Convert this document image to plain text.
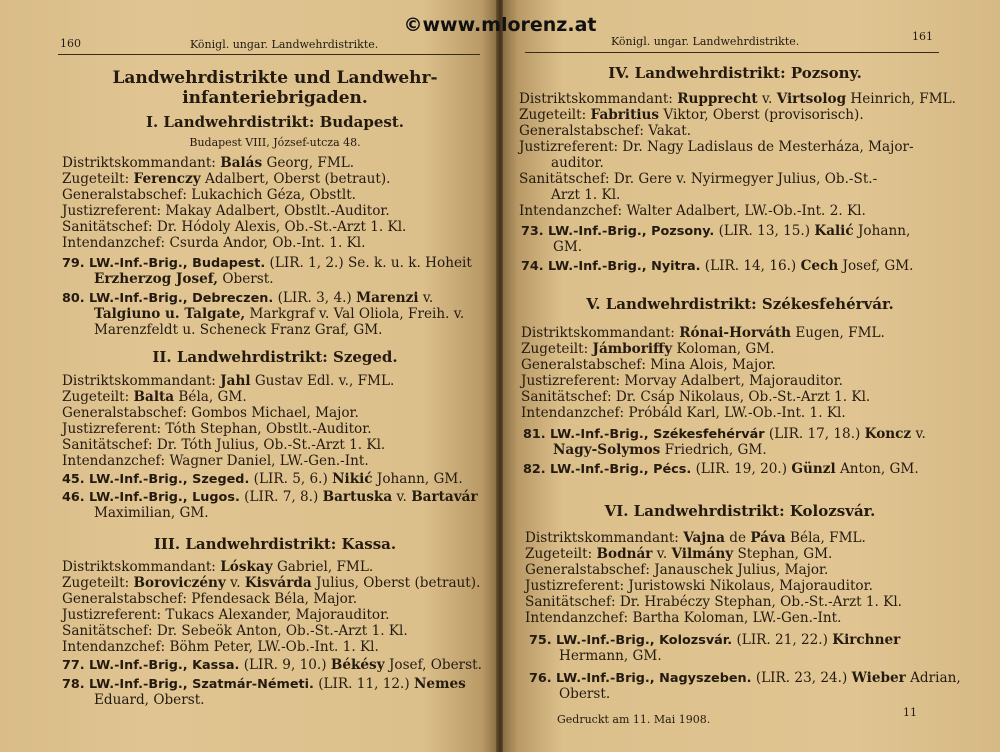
160	Königl. ungar. Landwehrdistrikte.
Landwehrdistrikte und Landwehr-
infanteriebrigaden.
I. Landwehrdistrikt: Budapest.
Budapest VIII, József-utcza 48.
Distriktskommandant: Balás Georg, FML.
Zugeteilt: Ferenczy Adalbert, Oberst (betraut).
Generalstabschef: Lukachich Géza, Obstlt.
Justizreferent: Makay Adalbert, Obstlt.-Auditor.
Sanitätschef: Dr. Hódoly Alexis, Ob.-St.-Arzt 1. Kl.
Intendanzchef: Csurda Andor, Ob.-Int. 1. Kl.
79. LW.-Inf.-Brig., Budapest. (LIR. 1, 2.) Se. k. u. k. Hoheit
Erzherzog Josef, Oberst.
80. LW.-Inf.-Brig., Debreczen. (LIR. 3, 4.) Marenzi v.
Talgiuno u. Talgate, Markgraf v. Val Oliola, Freih. v.
Marenzfeldt u. Scheneck Franz Graf, GM.
II. Landwehrdistrikt: Szeged.
Distriktskommandant: Jahl Gustav Edl. v., FML.
Zugeteilt: Balta Béla, GM.
Generalstabschef: Gombos Michael, Major.
Justizreferent: Tóth Stephan, Obstlt.-Auditor.
Sanitätschef: Dr. Tóth Julius, Ob.-St.-Arzt 1. Kl.
Intendanzchef: Wagner Daniel, LW.-Gen.-Int.
45. LW.-Inf.-Brig., Szeged. (LIR. 5, 6.) Nikić Johann, GM.
46. LW.-Inf.-Brig., Lugos. (LIR. 7, 8.) Bartuska v. Bartavár
Maximilian, GM.
III. Landwehrdistrikt: Kassa.
Distriktskommandant: Lóskay Gabriel, FML.
Zugeteilt: Boroviczény v. Kisvárda Julius, Oberst (betraut).
Generalstabschef: Pfendesack Béla, Major.
Justizreferent: Tukacs Alexander, Majorauditor.
Sanitätschef: Dr. Sebeök Anton, Ob.-St.-Arzt 1. Kl.
Intendanzchef: Böhm Peter, LW.-Ob.-Int. 1. Kl.
77. LW.-Inf.-Brig., Kassa. (LIR. 9, 10.) Békésy Josef, Oberst.
78. LW.-Inf.-Brig., Szatmár-Németi. (LIR. 11, 12.) Nemes
Eduard, Oberst.
Königl. ungar. Landwehrdistrikte.	161
IV. Landwehrdistrikt: Pozsony.
Distriktskommandant: Rupprecht v. Virtsolog Heinrich, FML.
Zugeteilt: Fabritius Viktor, Oberst (provisorisch).
Generalstabschef: Vakat.
Justizreferent: Dr. Nagy Ladislaus de Mesterháza, Major-
auditor.
Sanitätschef: Dr. Gere v. Nyirmegyer Julius, Ob.-St.-
Arzt 1. Kl.
Intendanzchef: Walter Adalbert, LW.-Ob.-Int. 2. Kl.
73. LW.-Inf.-Brig., Pozsony. (LIR. 13, 15.) Kalić Johann,
GM.
74. LW.-Inf.-Brig., Nyitra. (LIR. 14, 16.) Cech Josef, GM.
V. Landwehrdistrikt: Székesfehérvár.
Distriktskommandant: Rónai-Horváth Eugen, FML.
Zugeteilt: Jámboriffy Koloman, GM.
Generalstabschef: Mina Alois, Major.
Justizreferent: Morvay Adalbert, Majorauditor.
Sanitätschef: Dr. Csáp Nikolaus, Ob.-St.-Arzt 1. Kl.
Intendanzchef: Próbáld Karl, LW.-Ob.-Int. 1. Kl.
81. LW.-Inf.-Brig., Székesfehérvár (LIR. 17, 18.) Koncz v.
Nagy-Solymos Friedrich, GM.
82. LW.-Inf.-Brig., Pécs. (LIR. 19, 20.) Günzl Anton, GM.
VI. Landwehrdistrikt: Kolozsvár.
Distriktskommandant: Vajna de Páva Béla, FML.
Zugeteilt: Bodnár v. Vilmány Stephan, GM.
Generalstabschef: Janauschek Julius, Major.
Justizreferent: Juristowski Nikolaus, Majorauditor.
Sanitätschef: Dr. Hrabéczy Stephan, Ob.-St.-Arzt 1. Kl.
Intendanzchef: Bartha Koloman, LW.-Gen.-Int.
75. LW.-Inf.-Brig., Kolozsvár. (LIR. 21, 22.) Kirchner
Hermann, GM.
76. LW.-Inf.-Brig., Nagyszeben. (LIR. 23, 24.) Wieber Adrian,
Oberst.
Gedruckt am 11. Mai 1908.
11
©www.mlorenz.at
